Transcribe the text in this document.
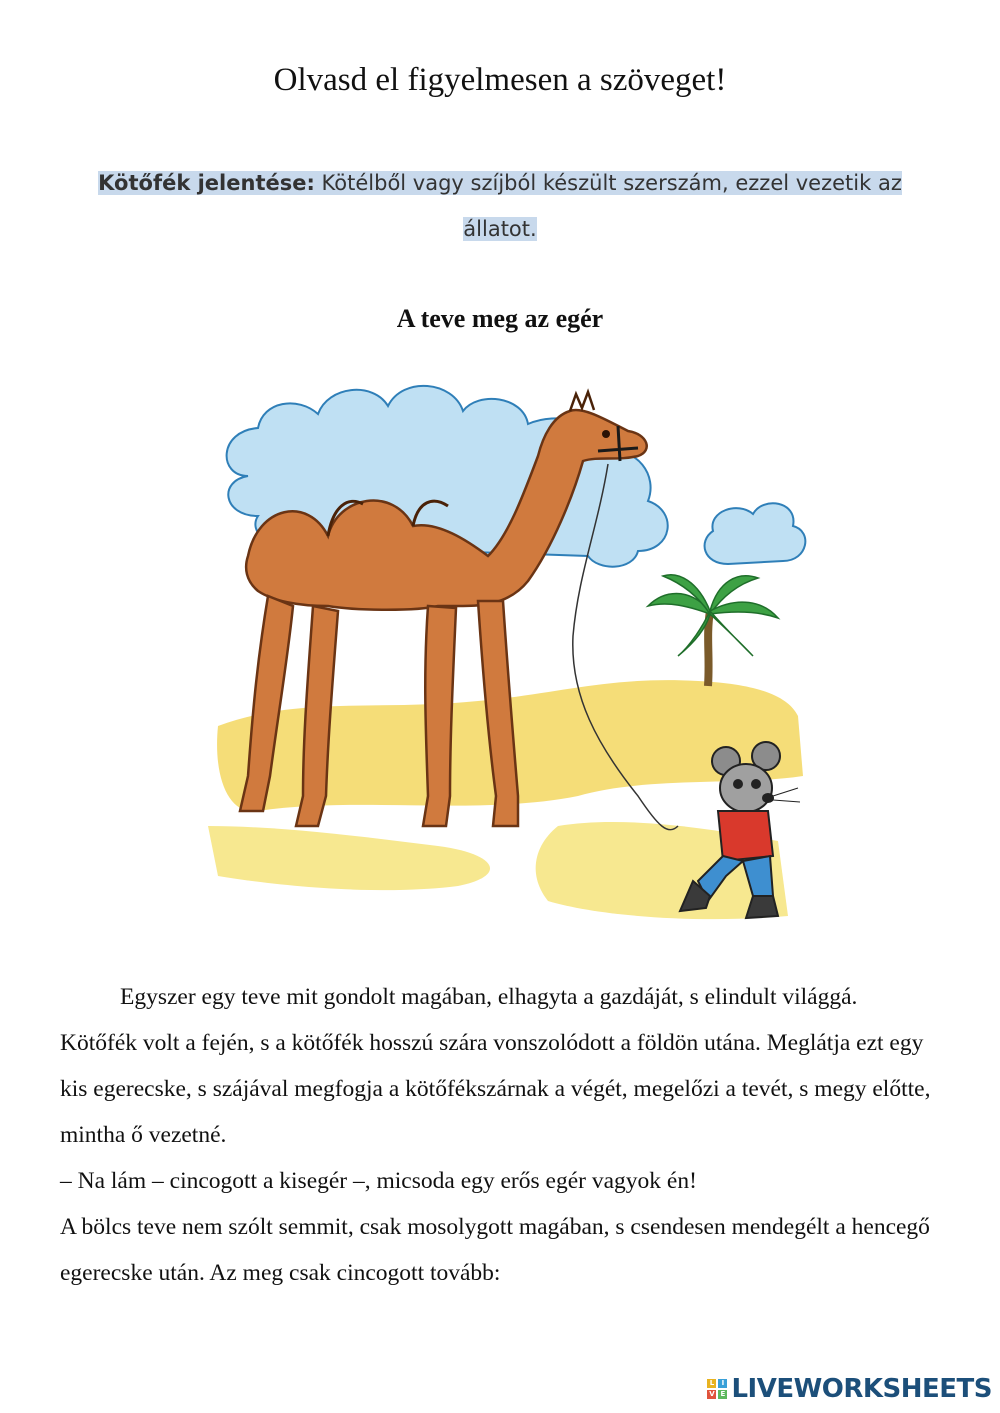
Olvasd el figyelmesen a szöveget!
Kötőfék jelentése: Kötélből vagy szíjból készült szerszám, ezzel vezetik az
állatot.
A teve meg az egér

Egyszer egy teve mit gondolt magában, elhagyta a gazdáját, s elindult világgá. Kötőfék volt a fején, s a kötőfék hosszú szára vonszolódott a földön utána. Meglátja ezt egy kis egerecske, s szájával megfogja a kötőfékszárnak a végét, megelőzi a tevét, s megy előtte, mintha ő vezetné.

– Na lám – cincogott a kisegér –, micsoda egy erős egér vagyok én!

A bölcs teve nem szólt semmit, csak mosolygott magában, s csendesen mendegélt a hencegő egerecske után. Az meg csak cincogott tovább:

L	I
V E LIVEWORKSHEETS
